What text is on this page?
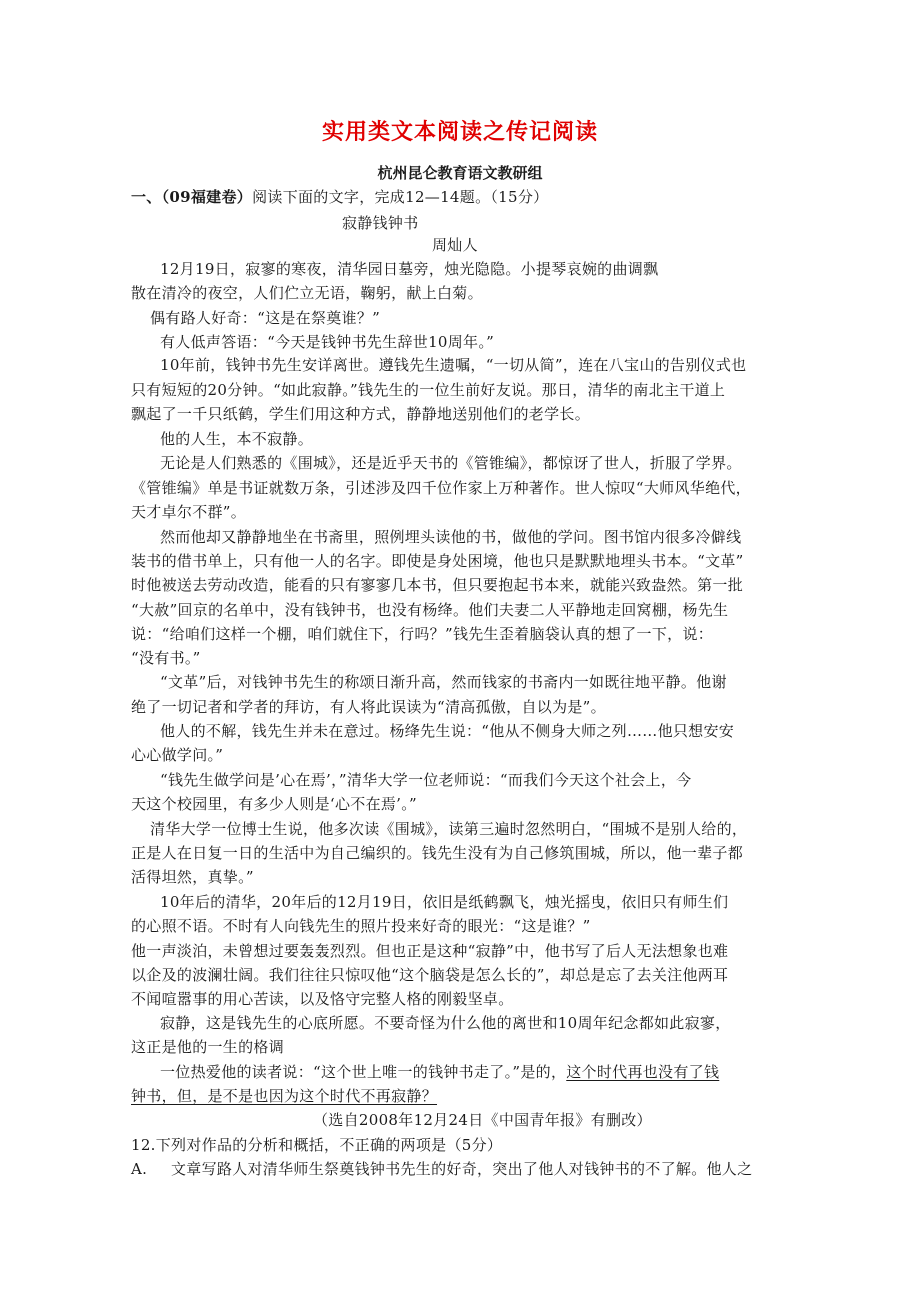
实用类文本阅读之传记阅读
杭州昆仑教育语文教研组
一、（09福建卷）阅读下面的文字，完成12—14题。（15分）
寂静钱钟书
周灿人
12月19日，寂寥的寒夜，清华园日墓旁，烛光隐隐。小提琴哀婉的曲调飘
散在清冷的夜空，人们伫立无语，鞠躬，献上白菊。
偶有路人好奇：“这是在祭奠谁？”
有人低声答语：“今天是钱钟书先生辞世10周年。”
10年前，钱钟书先生安详离世。遵钱先生遗嘱，“一切从简”，连在八宝山的告别仪式也
只有短短的20分钟。“如此寂静。”钱先生的一位生前好友说。那日，清华的南北主干道上
飘起了一千只纸鹤，学生们用这种方式，静静地送别他们的老学长。
他的人生，本不寂静。
无论是人们熟悉的《围城》，还是近乎天书的《管锥编》，都惊讶了世人，折服了学界。
《管锥编》单是书证就数万条，引述涉及四千位作家上万种著作。世人惊叹“大师风华绝代，
天才卓尔不群”。
然而他却又静静地坐在书斋里，照例埋头读他的书，做他的学问。图书馆内很多冷僻线
装书的借书单上，只有他一人的名字。即使是身处困境，他也只是默默地埋头书本。“文革”
时他被送去劳动改造，能看的只有寥寥几本书，但只要抱起书本来，就能兴致盎然。第一批
“大赦”回京的名单中，没有钱钟书，也没有杨绛。他们夫妻二人平静地走回窝棚，杨先生
说：“给咱们这样一个棚，咱们就住下，行吗？”钱先生歪着脑袋认真的想了一下，说：
“没有书。”
“文革”后，对钱钟书先生的称颂日渐升高，然而钱家的书斋内一如既往地平静。他谢
绝了一切记者和学者的拜访，有人将此误读为“清高孤傲，自以为是”。
他人的不解，钱先生并未在意过。杨绛先生说：“他从不侧身大师之列……他只想安安
心心做学问。”
“钱先生做学问是’心在焉’，”清华大学一位老师说：“而我们今天这个社会上，今
天这个校园里，有多少人则是‘心不在焉’。”
清华大学一位博士生说，他多次读《围城》，读第三遍时忽然明白，“围城不是别人给的，
正是人在日复一日的生活中为自己编织的。钱先生没有为自己修筑围城，所以，他一辈子都
活得坦然，真挚。”
10年后的清华，20年后的12月19日，依旧是纸鹤飘飞，烛光摇曳，依旧只有师生们
的心照不语。不时有人向钱先生的照片投来好奇的眼光：“这是谁？”
他一声淡泊，未曾想过要轰轰烈烈。但也正是这种“寂静”中，他书写了后人无法想象也难
以企及的波澜壮阔。我们往往只惊叹他“这个脑袋是怎么长的”，却总是忘了去关注他两耳
不闻喧嚣事的用心苦读，以及恪守完整人格的刚毅坚卓。
寂静，这是钱先生的心底所愿。不要奇怪为什么他的离世和10周年纪念都如此寂寥，
这正是他的一生的格调
一位热爱他的读者说：“这个世上唯一的钱钟书走了。”是的，这个时代再也没有了钱
钟书，但，是不是也因为这个时代不再寂静？
（选自2008年12月24日《中国青年报》有删改）
12.下列对作品的分析和概括，不正确的两项是（5分）
A. 文章写路人对清华师生祭奠钱钟书先生的好奇，突出了他人对钱钟书的不了解。他人之
